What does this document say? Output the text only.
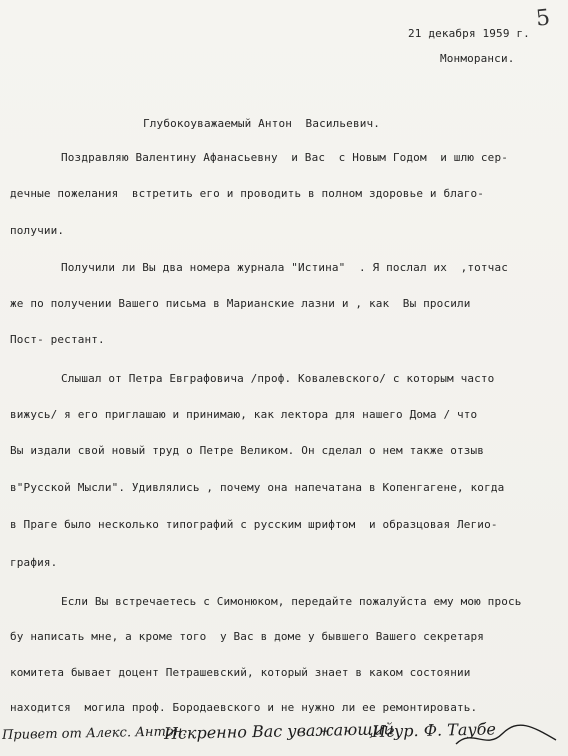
5
21 декабря 1959 г.
Монморанси.
Глубокоуважаемый Антон  Васильевич.
Поздравляю Валентину Афанасьевну  и Вас  с Новым Годом  и шлю сер-
дечные пожелания  встретить его и проводить в полном здоровье и благо-
получии.
Получили ли Вы два номера журнала "Истина"  . Я послал их  ,тотчас
же по получении Вашего письма в Марианские лазни и , как  Вы просили
Пост- рестант.
Слышал от Петра Евграфовича /проф. Ковалевского/ с которым часто
вижусь/ я его приглашаю и принимаю, как лектора для нашего Дома / что
Вы издали свой новый труд о Петре Великом. Он сделал о нем также отзыв
в"Русской Мысли". Удивлялись , почему она напечатана в Копенгагене, когда
в Праге было несколько типографий с русским шрифтом  и образцовая Легио-
графия.
Если Вы встречаетесь с Симонюком, передайте пожалуйста ему мою прось
бу написать мне, а кроме того  у Вас в доме у бывшего Вашего секретаря
комитета бывает доцент Петрашевский, который знает в каком состоянии
находится  могила проф. Бородаевского и не нужно ли ее ремонтировать.
Привет от Алекс. Антон.
Искренно Вас уважающий
Игур. Ф. Таубе
